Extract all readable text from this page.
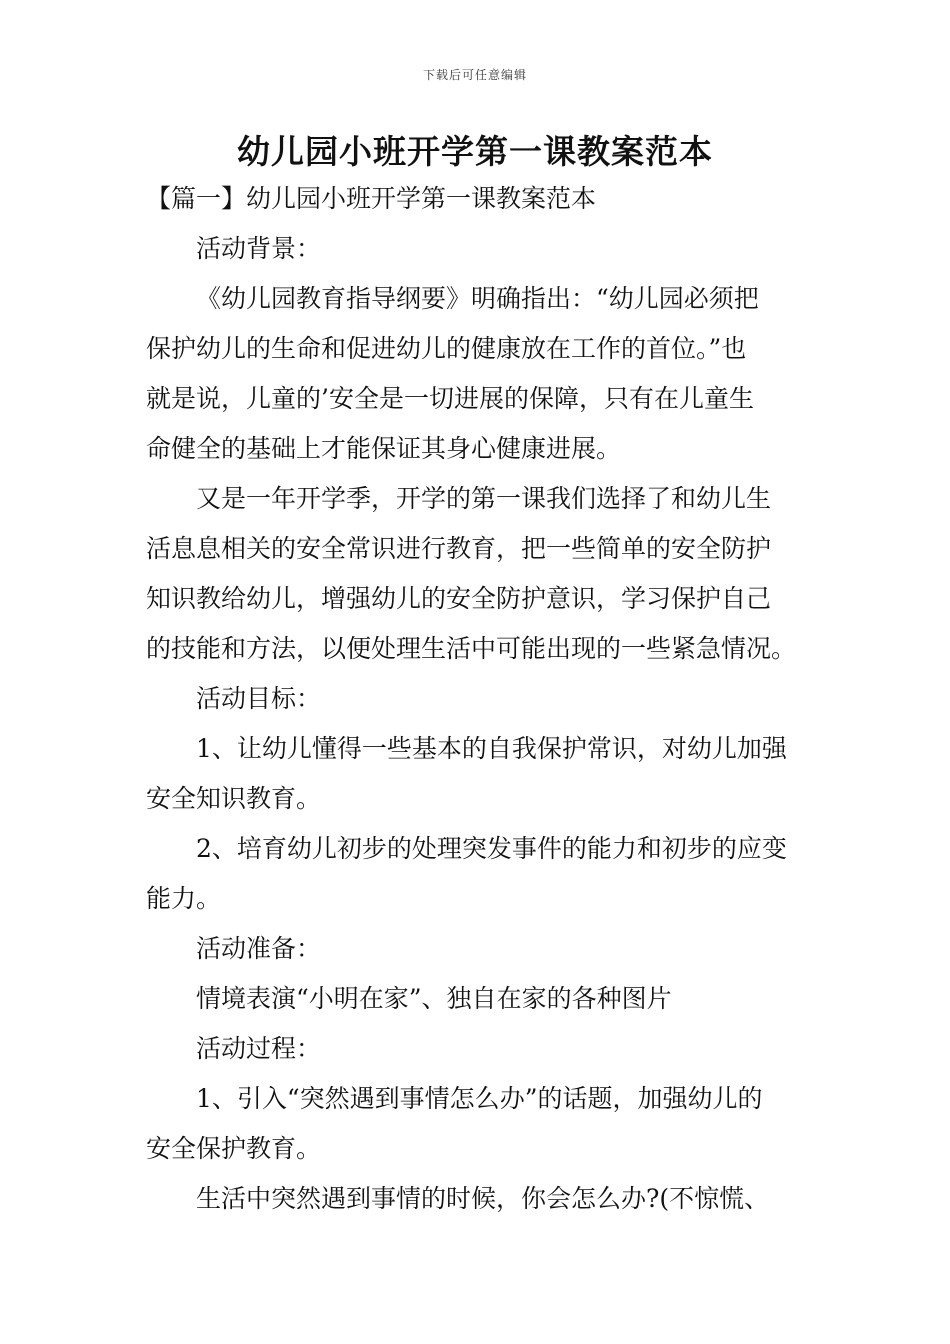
下载后可任意编辑
幼儿园小班开学第一课教案范本
【篇一】幼儿园小班开学第一课教案范本
活动背景：
《幼儿园教育指导纲要》明确指出：“幼儿园必须把
保护幼儿的生命和促进幼儿的健康放在工作的首位。”也
就是说，儿童的’安全是一切进展的保障，只有在儿童生
命健全的基础上才能保证其身心健康进展。
又是一年开学季，开学的第一课我们选择了和幼儿生
活息息相关的安全常识进行教育，把一些简单的安全防护
知识教给幼儿，增强幼儿的安全防护意识，学习保护自己
的技能和方法，以便处理生活中可能出现的一些紧急情况。
活动目标：
1、让幼儿懂得一些基本的自我保护常识，对幼儿加强
安全知识教育。
2、培育幼儿初步的处理突发事件的能力和初步的应变
能力。
活动准备：
情境表演“小明在家”、独自在家的各种图片
活动过程：
1、引入“突然遇到事情怎么办”的话题，加强幼儿的
安全保护教育。
生活中突然遇到事情的时候，你会怎么办?(不惊慌、
